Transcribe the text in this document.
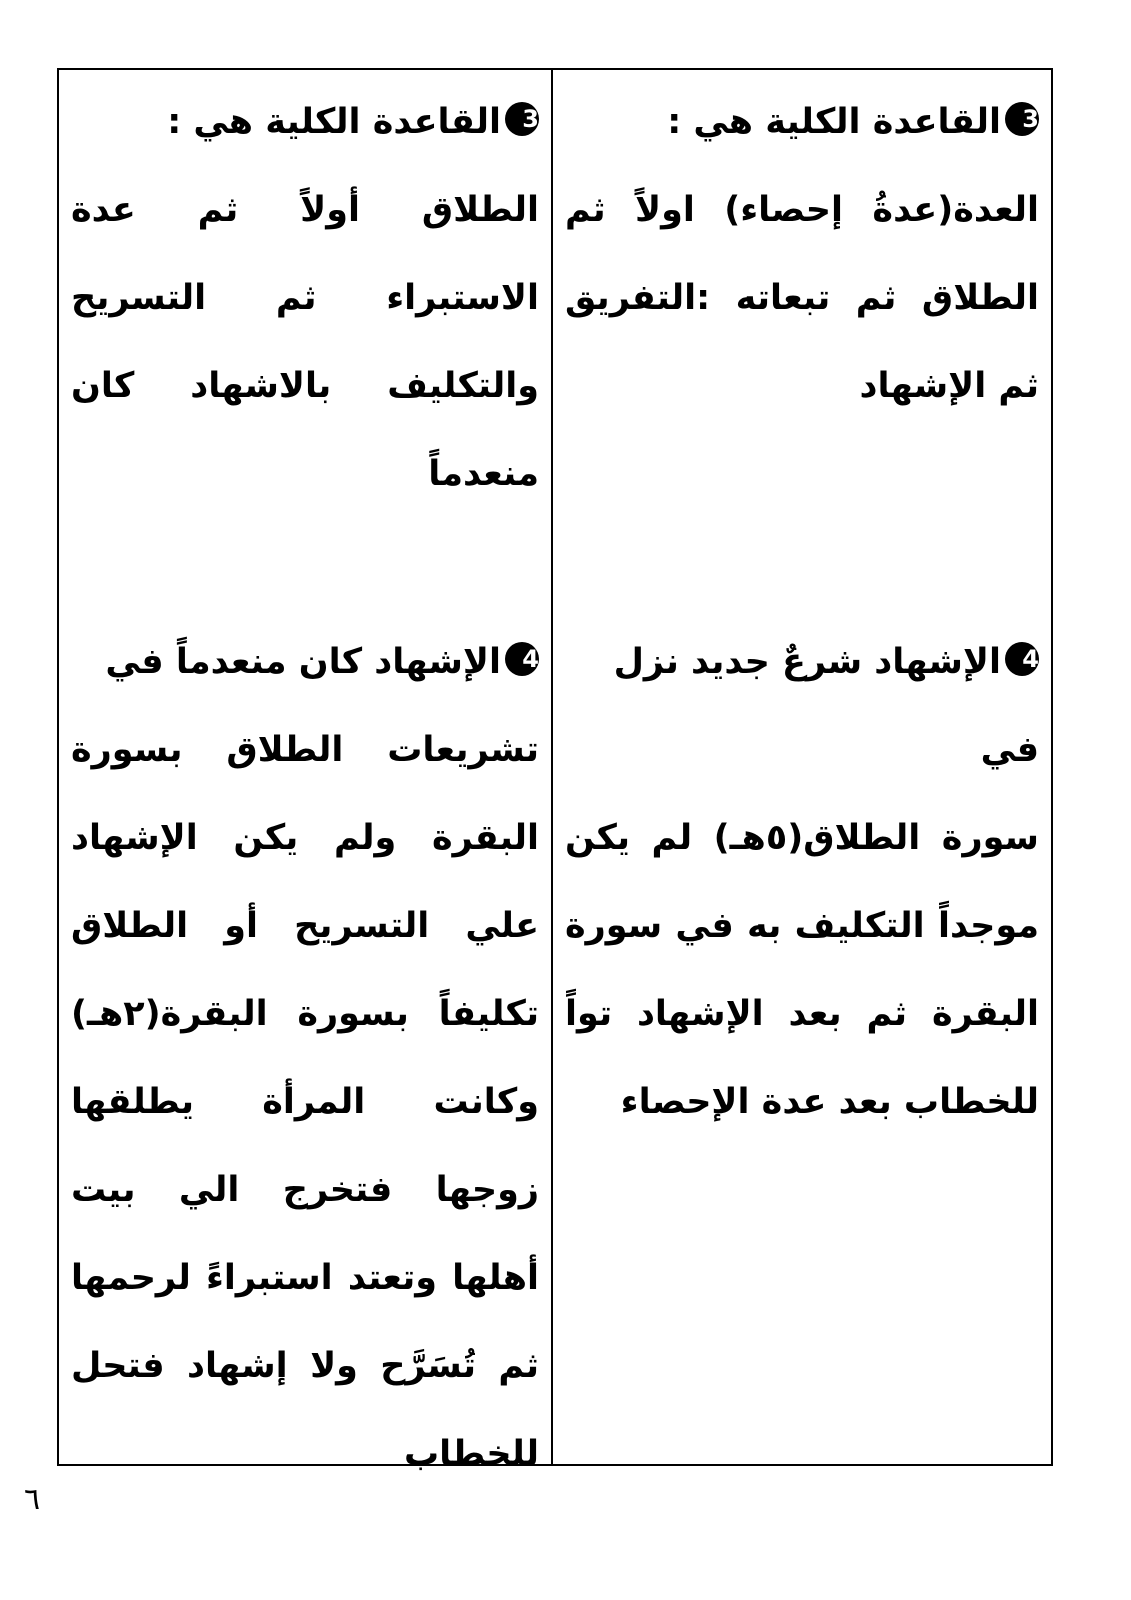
3القاعدة الكلية هي :
العدة(عدةُ إحصاء) اولاً ثم الطلاق ثم تبعاته :التفريق ثم الإشهاد
4الإشهاد شرعٌ جديد نزل في
سورة الطلاق(٥هـ) لم يكن موجداً التكليف به في سورة البقرة ثم بعد الإشهاد تواً للخطاب بعد عدة الإحصاء
3القاعدة الكلية هي :
الطلاق أولاً ثم عدة الاستبراء ثم التسريح والتكليف بالاشهاد كان منعدماً
4الإشهاد كان منعدماً في
تشريعات الطلاق بسورة البقرة ولم يكن الإشهاد علي التسريح أو الطلاق تكليفاً بسورة البقرة(٢هـ) وكانت المرأة يطلقها زوجها فتخرج الي بيت أهلها وتعتد استبراءً لرحمها ثم تُسَرَّح ولا إشهاد فتحل للخطاب
٦
